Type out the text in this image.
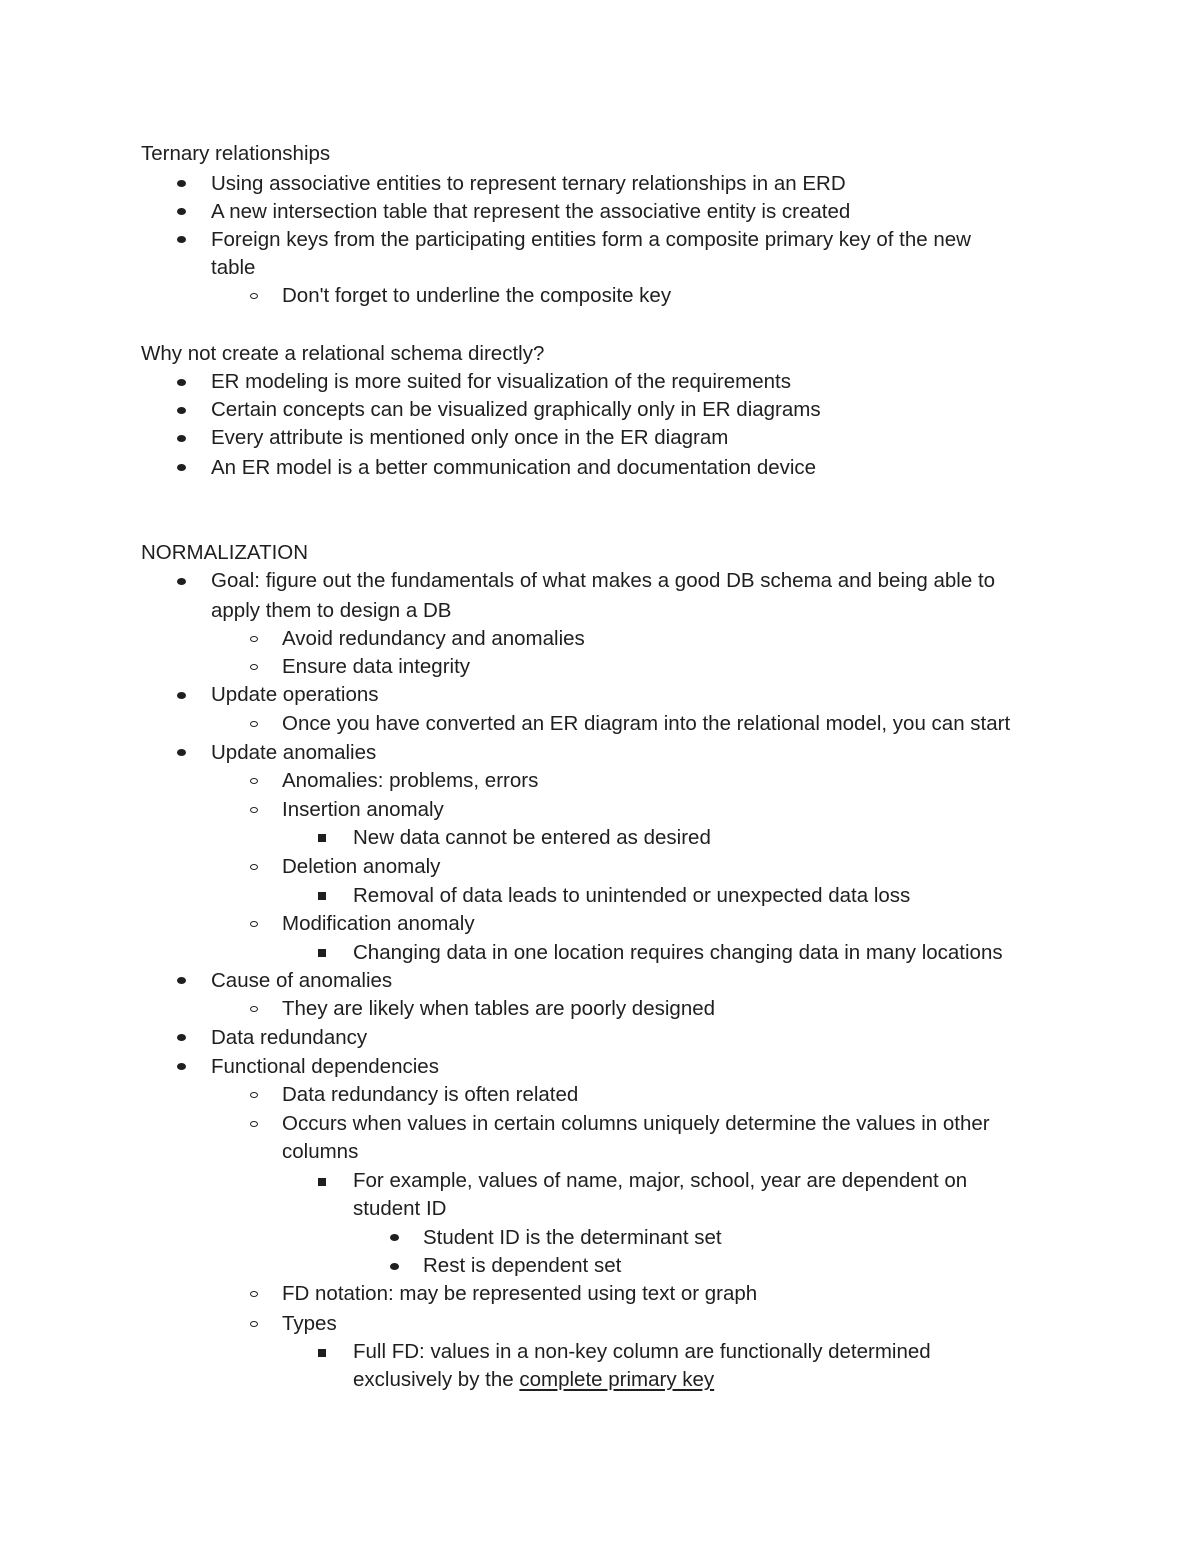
Ternary relationships
Using associative entities to represent ternary relationships in an ERD
A new intersection table that represent the associative entity is created
Foreign keys from the participating entities form a composite primary key of the new
table
Don't forget to underline the composite key
Why not create a relational schema directly?
ER modeling is more suited for visualization of the requirements
Certain concepts can be visualized graphically only in ER diagrams
Every attribute is mentioned only once in the ER diagram
An ER model is a better communication and documentation device
NORMALIZATION
Goal: figure out the fundamentals of what makes a good DB schema and being able to
apply them to design a DB
Avoid redundancy and anomalies
Ensure data integrity
Update operations
Once you have converted an ER diagram into the relational model, you can start
Update anomalies
Anomalies: problems, errors
Insertion anomaly
New data cannot be entered as desired
Deletion anomaly
Removal of data leads to unintended or unexpected data loss
Modification anomaly
Changing data in one location requires changing data in many locations
Cause of anomalies
They are likely when tables are poorly designed
Data redundancy
Functional dependencies
Data redundancy is often related
Occurs when values in certain columns uniquely determine the values in other
columns
For example, values of name, major, school, year are dependent on
student ID
Student ID is the determinant set
Rest is dependent set
FD notation: may be represented using text or graph
Types
Full FD: values in a non-key column are functionally determined
exclusively by the complete primary key
